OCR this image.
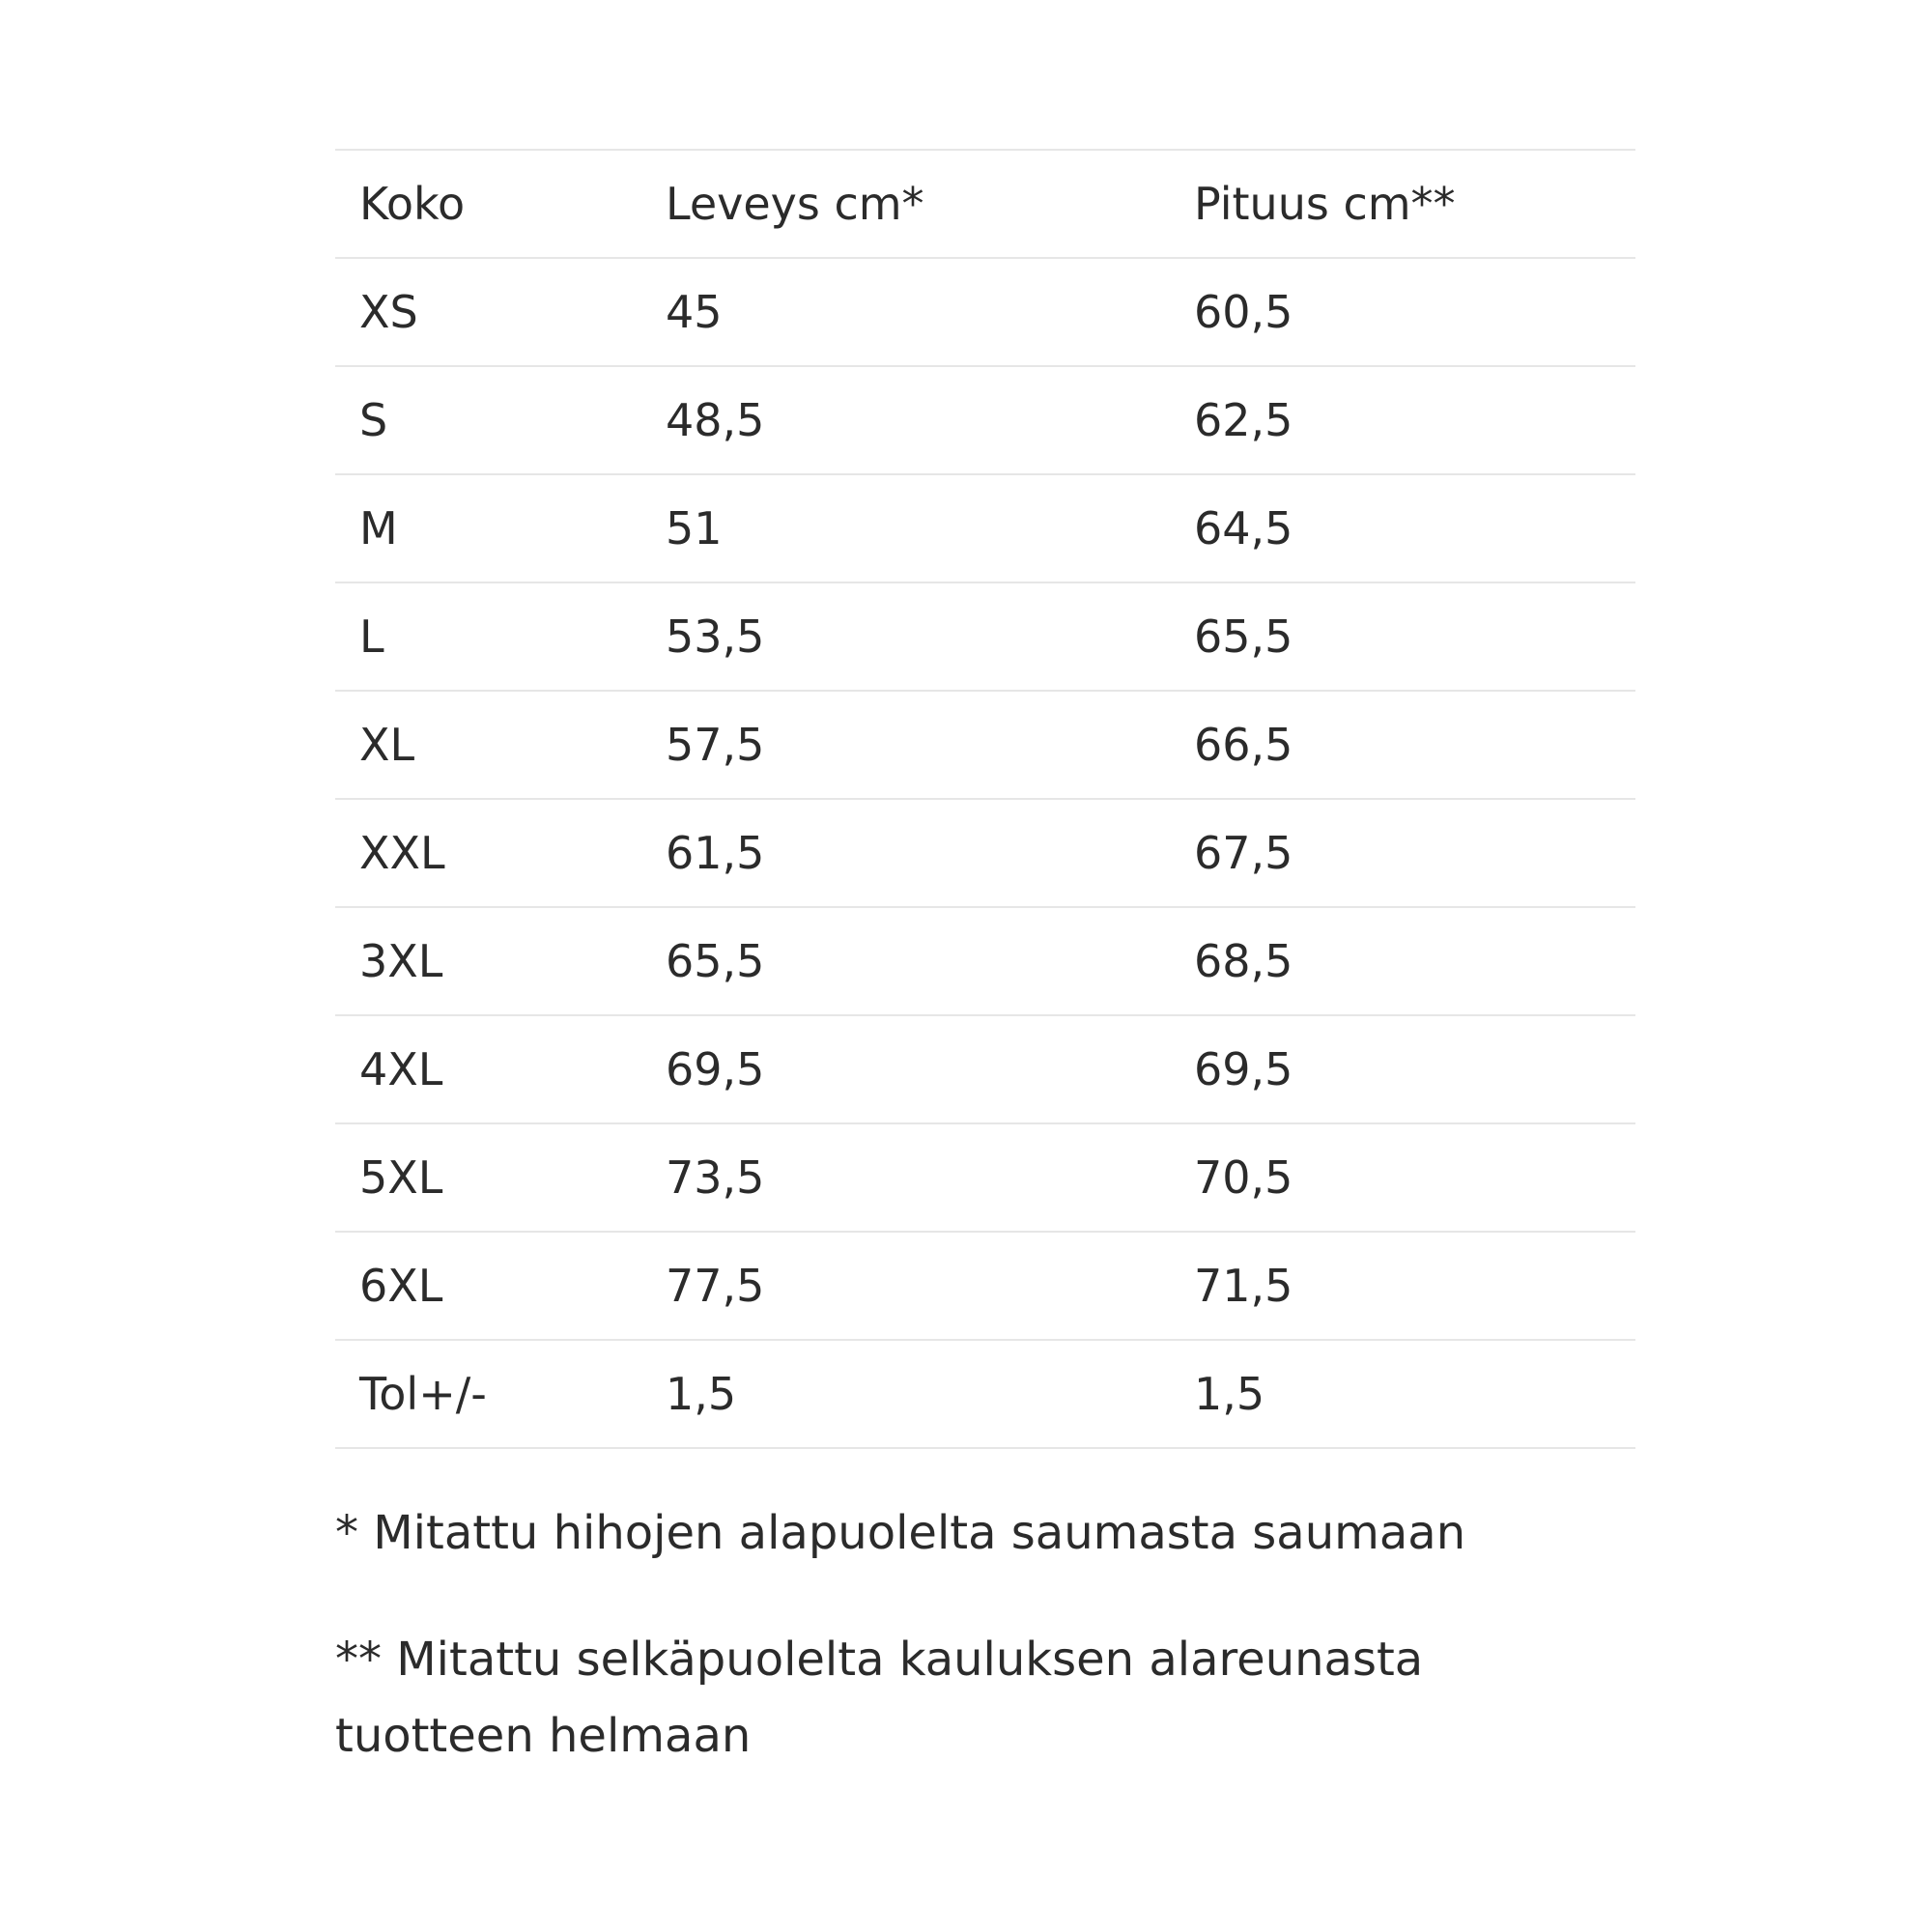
Koko	Leveys cm*	Pituus cm**
XS	45	60,5
S	48,5	62,5
M	51	64,5
L	53,5	65,5
XL	57,5	66,5
XXL	61,5	67,5
3XL	65,5	68,5
4XL	69,5	69,5
5XL	73,5	70,5
6XL	77,5	71,5
Tol+/-	1,5	1,5

* Mitattu hihojen alapuolelta saumasta saumaan

** Mitattu selkäpuolelta kauluksen alareunasta tuotteen helmaan
